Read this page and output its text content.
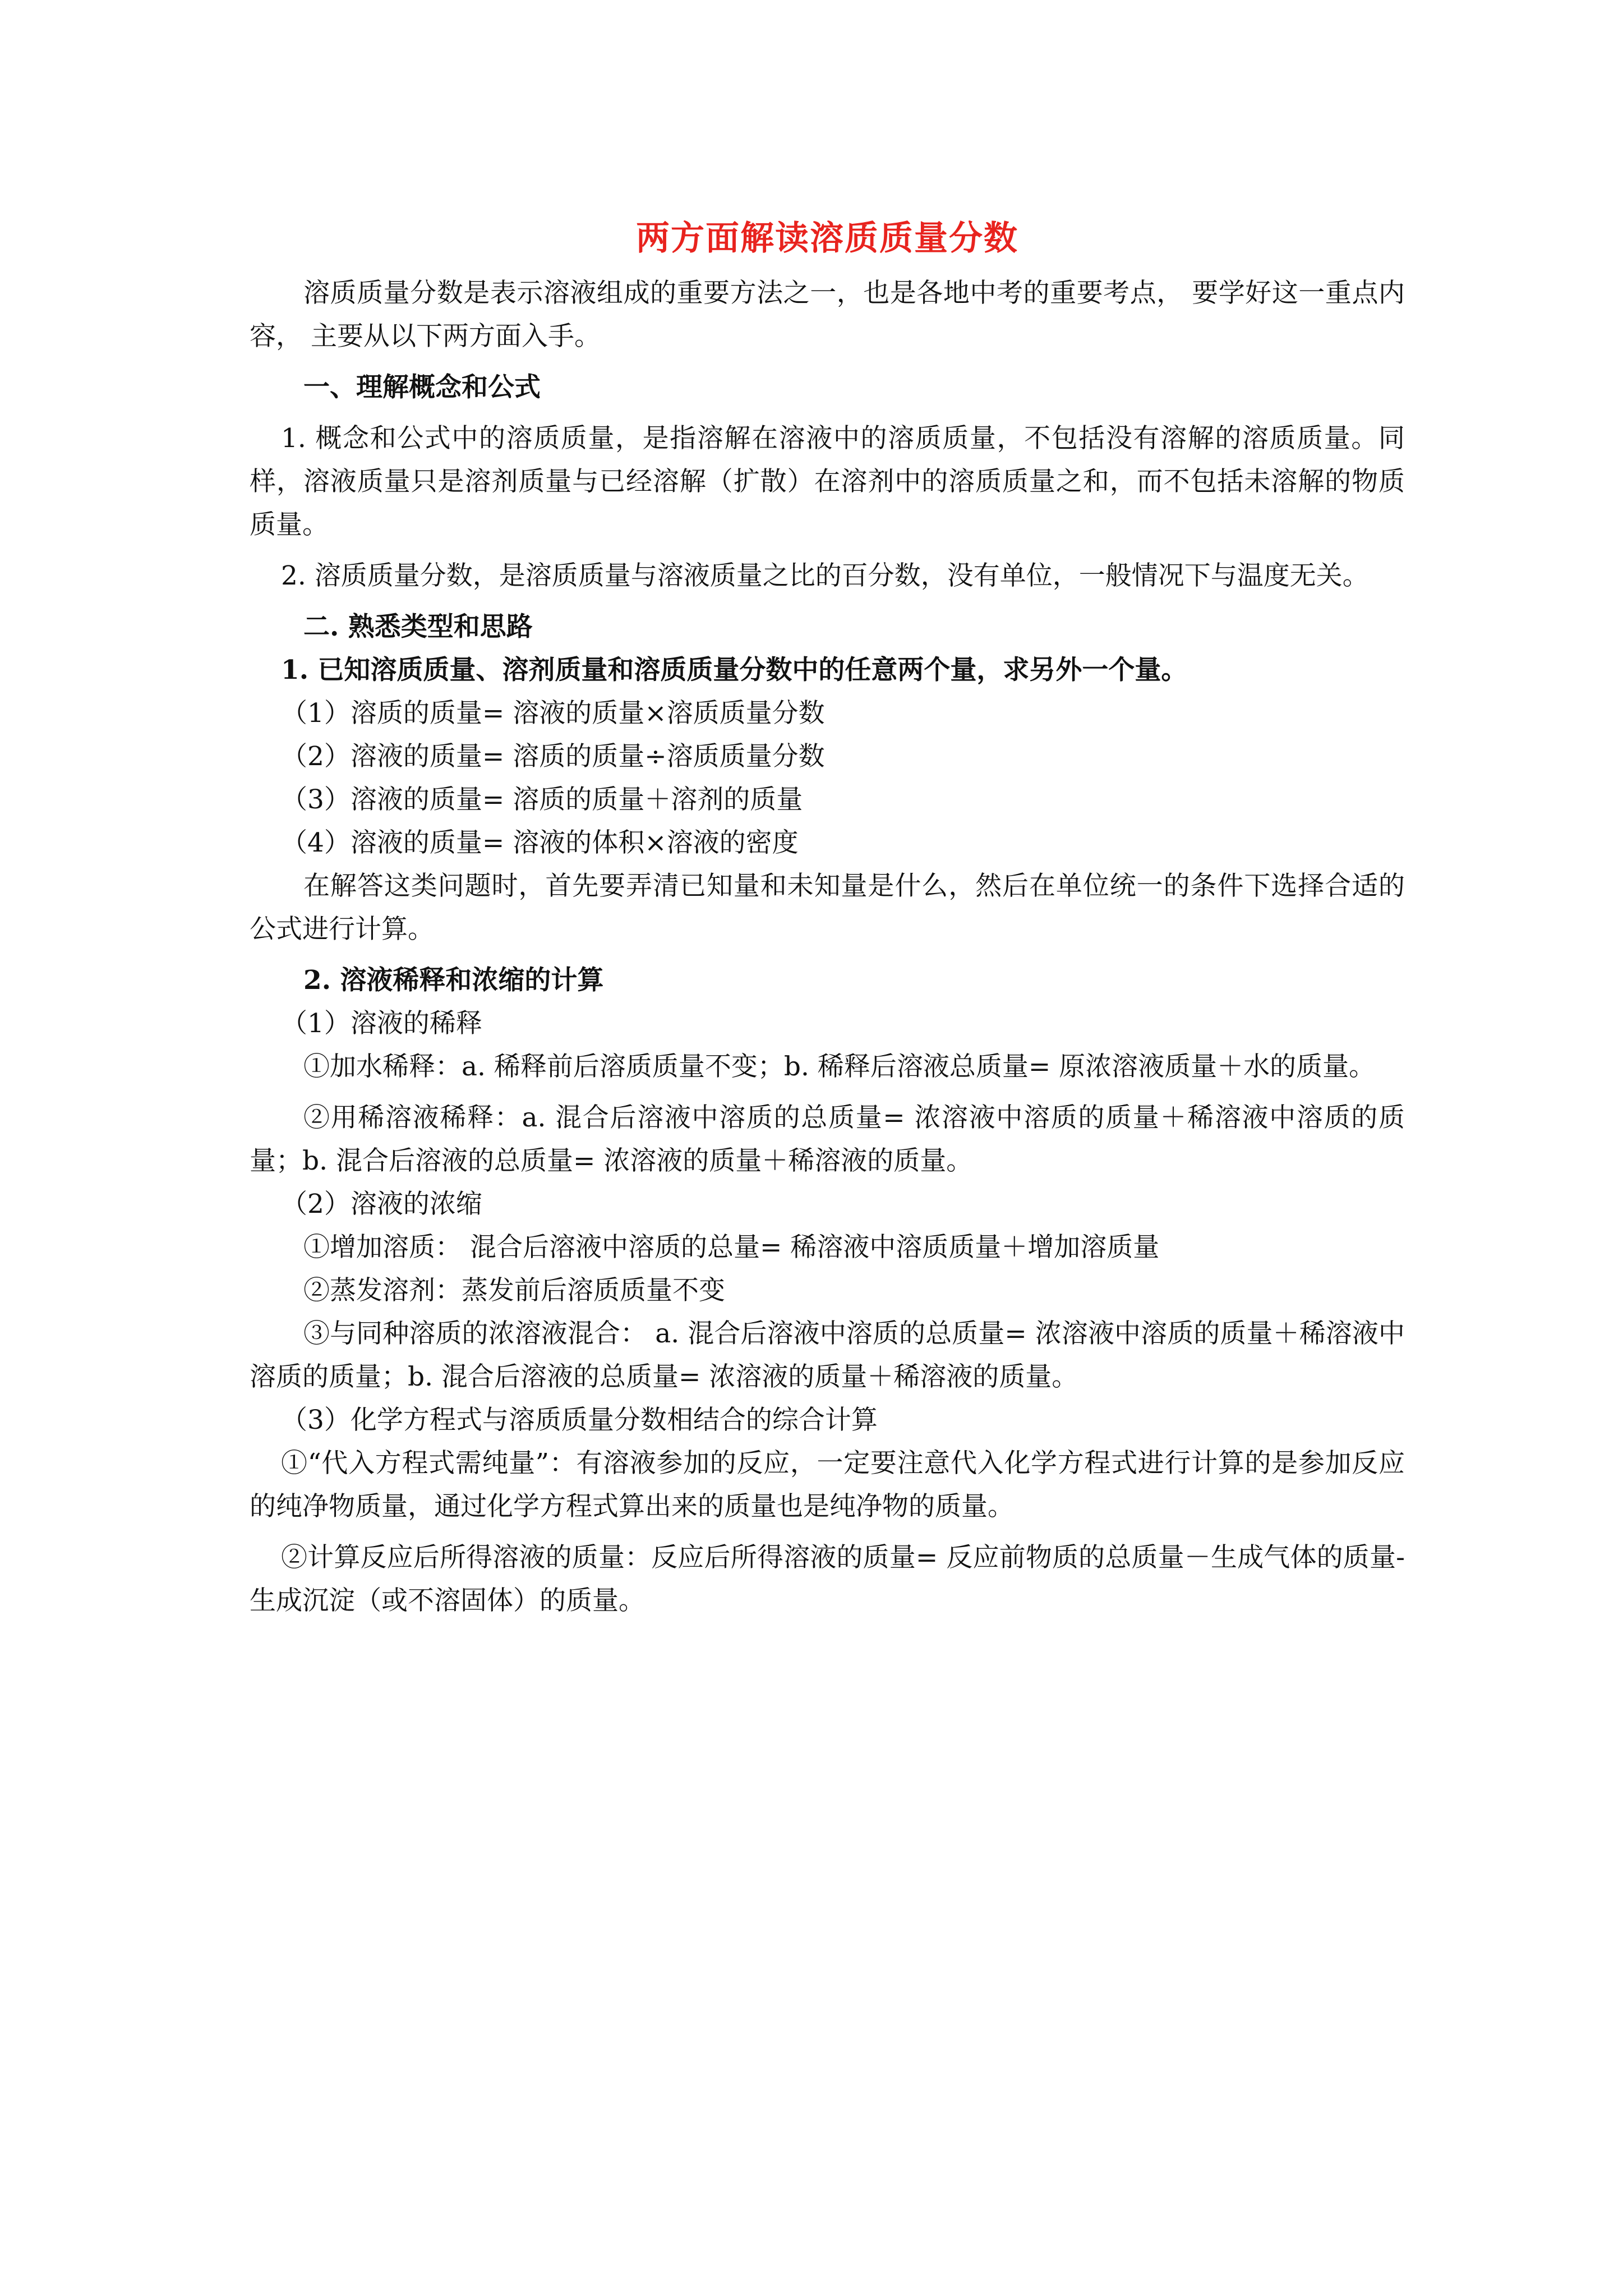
两方面解读溶质质量分数

溶质质量分数是表示溶液组成的重要方法之一，也是各地中考的重要考点， 要学好这一重点内容， 主要从以下两方面入手。

一、理解概念和公式

1. 概念和公式中的溶质质量，是指溶解在溶液中的溶质质量，不包括没有溶解的溶质质量。同样，溶液质量只是溶剂质量与已经溶解（扩散）在溶剂中的溶质质量之和，而不包括未溶解的物质质量。

2. 溶质质量分数，是溶质质量与溶液质量之比的百分数，没有单位，一般情况下与温度无关。

二. 熟悉类型和思路

1. 已知溶质质量、溶剂质量和溶质质量分数中的任意两个量，求另外一个量。

（1）溶质的质量= 溶液的质量×溶质质量分数

（2）溶液的质量= 溶质的质量÷溶质质量分数

（3）溶液的质量= 溶质的质量＋溶剂的质量

（4）溶液的质量= 溶液的体积×溶液的密度

在解答这类问题时，首先要弄清已知量和未知量是什么，然后在单位统一的条件下选择合适的公式进行计算。

2. 溶液稀释和浓缩的计算

（1）溶液的稀释

①加水稀释：a. 稀释前后溶质质量不变；b. 稀释后溶液总质量= 原浓溶液质量＋水的质量。

②用稀溶液稀释：a. 混合后溶液中溶质的总质量= 浓溶液中溶质的质量＋稀溶液中溶质的质量；b. 混合后溶液的总质量= 浓溶液的质量＋稀溶液的质量。

（2）溶液的浓缩

①增加溶质： 混合后溶液中溶质的总量= 稀溶液中溶质质量＋增加溶质量

②蒸发溶剂：蒸发前后溶质质量不变

③与同种溶质的浓溶液混合： a. 混合后溶液中溶质的总质量= 浓溶液中溶质的质量＋稀溶液中溶质的质量；b. 混合后溶液的总质量= 浓溶液的质量＋稀溶液的质量。

（3）化学方程式与溶质质量分数相结合的综合计算

①“代入方程式需纯量”：有溶液参加的反应，一定要注意代入化学方程式进行计算的是参加反应的纯净物质量，通过化学方程式算出来的质量也是纯净物的质量。

②计算反应后所得溶液的质量：反应后所得溶液的质量= 反应前物质的总质量－生成气体的质量-生成沉淀（或不溶固体）的质量。
